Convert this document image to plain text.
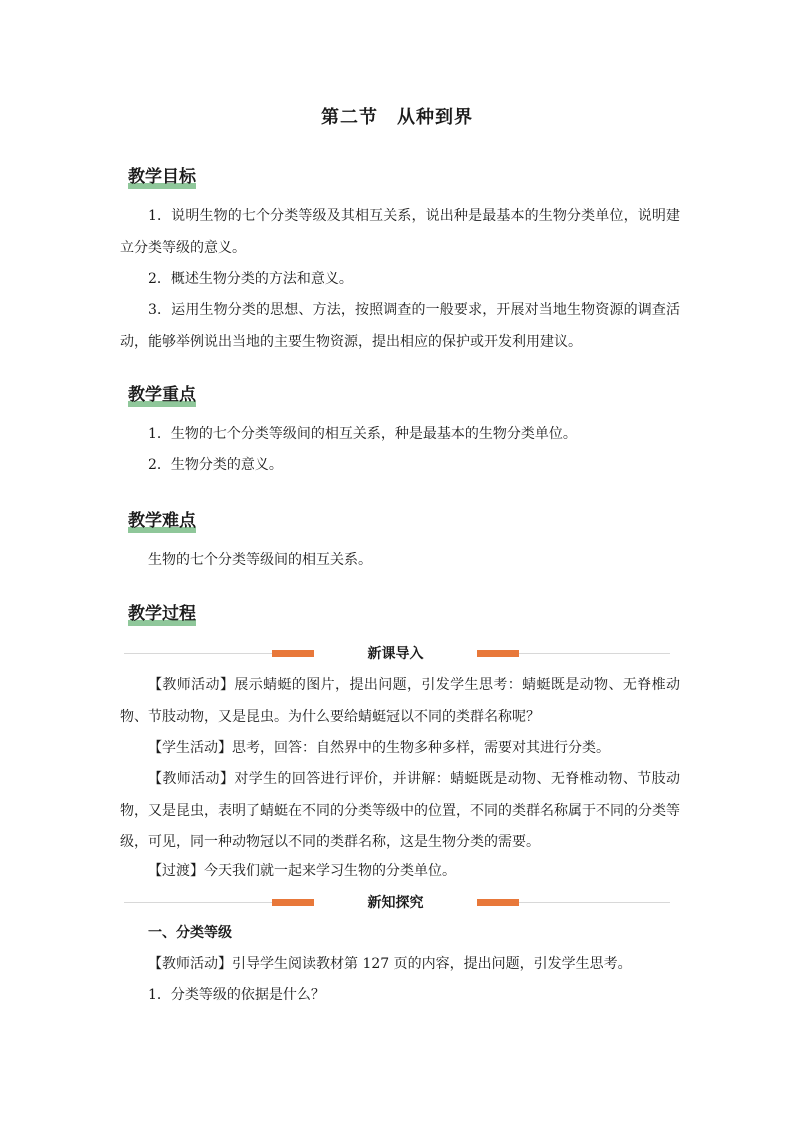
第二节　从种到界
教学目标
1．说明生物的七个分类等级及其相互关系，说出种是最基本的生物分类单位，说明建立分类等级的意义。
2．概述生物分类的方法和意义。
3．运用生物分类的思想、方法，按照调查的一般要求，开展对当地生物资源的调查活动，能够举例说出当地的主要生物资源，提出相应的保护或开发利用建议。
教学重点
1．生物的七个分类等级间的相互关系，种是最基本的生物分类单位。
2．生物分类的意义。
教学难点
生物的七个分类等级间的相互关系。
教学过程
新课导入
【教师活动】展示蜻蜓的图片，提出问题，引发学生思考：蜻蜓既是动物、无脊椎动物、节肢动物，又是昆虫。为什么要给蜻蜓冠以不同的类群名称呢？
【学生活动】思考，回答：自然界中的生物多种多样，需要对其进行分类。
【教师活动】对学生的回答进行评价，并讲解：蜻蜓既是动物、无脊椎动物、节肢动物，又是昆虫，表明了蜻蜓在不同的分类等级中的位置，不同的类群名称属于不同的分类等级，可见，同一种动物冠以不同的类群名称，这是生物分类的需要。
【过渡】今天我们就一起来学习生物的分类单位。
新知探究
一、分类等级
【教师活动】引导学生阅读教材第 127 页的内容，提出问题，引发学生思考。
1．分类等级的依据是什么？
